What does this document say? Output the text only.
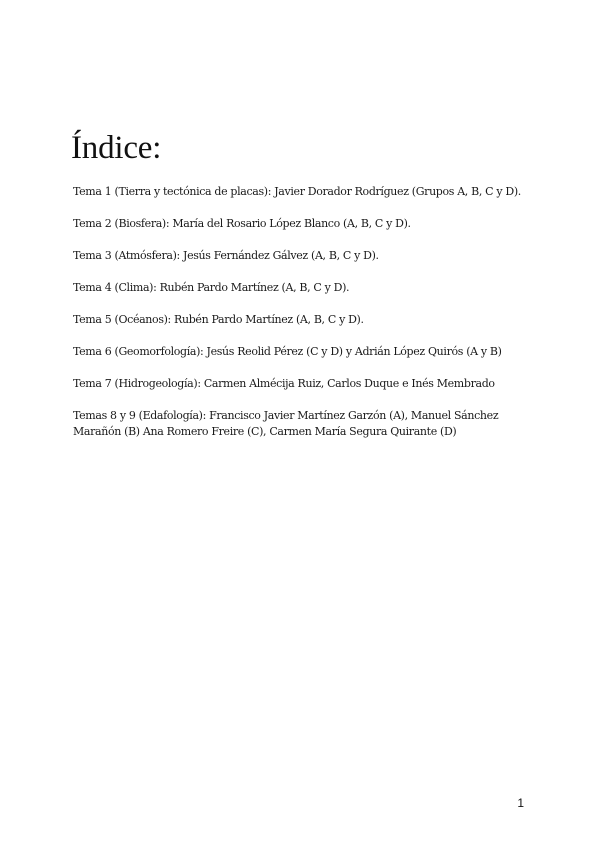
Índice:
Tema 1 (Tierra y tectónica de placas): Javier Dorador Rodríguez (Grupos A, B, C y D).
Tema 2 (Biosfera): María del Rosario López Blanco (A, B, C y D).
Tema 3 (Atmósfera): Jesús Fernández Gálvez (A, B, C y D).
Tema 4 (Clima): Rubén Pardo Martínez (A, B, C y D).
Tema 5 (Océanos): Rubén Pardo Martínez (A, B, C y D).
Tema 6 (Geomorfología): Jesús Reolid Pérez (C y D) y Adrián López Quirós (A y B)
Tema 7 (Hidrogeología): Carmen Almécija Ruiz, Carlos Duque e Inés Membrado
Temas 8 y 9 (Edafología): Francisco Javier Martínez Garzón (A), Manuel Sánchez Marañón (B) Ana Romero Freire (C), Carmen María Segura Quirante (D)
1
